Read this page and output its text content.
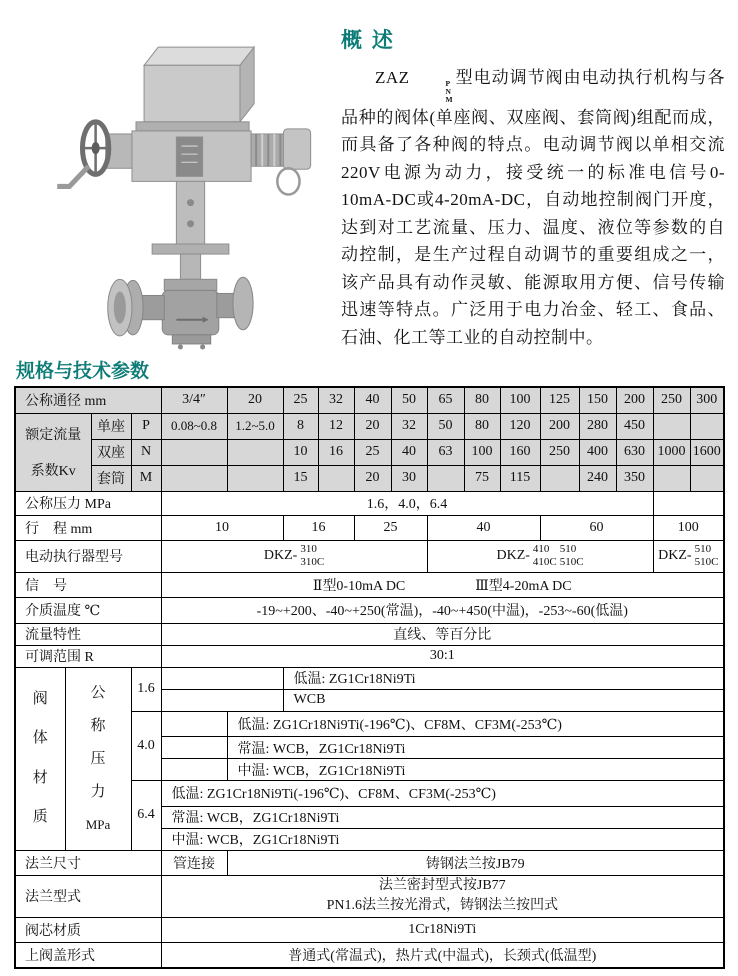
概 述

ZAZ	P
N
M
型电动调节阀由电动执行机构与各品种的阀体(单座阀、双座阀、套筒阀)组配而成，而具备了各种阀的特点。电动调节阀以单相交流220V电源为动力，接受统一的标准电信号0-10mA-DC或4-20mA-DC，自动地控制阀门开度，达到对工艺流量、压力、温度、液位等参数的自动控制，是生产过程自动调节的重要组成之一，该产品具有动作灵敏、能源取用方便、信号传输迅速等特点。广泛用于电力冶金、轻工、食品、石油、化工等工业的自动控制中。

规格与技术参数
公称通径 mm				3/4″	20	25	32	40	50	65	80	100	125	150	200	250	300

额定流量
系数Kv		单座	P	0.08~0.8	1.2~5.0	8	12	20	32	50	80	120	200	280	450		
		双座	N			10	16	25	40	63	100	160	250	400	630	1000	1600
		套筒	M			15		20	30		75	115		240	350		
公称压力 MPa				1.6，4.0，6.4													
行　程 mm				10		16		25		40			60			100	
电动执行器型号				DKZ- 310
310C						DKZ- 410
410C
510
510C						DKZ- 510
510C	

信　号				Ⅱ型0-10mA DC Ⅲ型4-20mA DC													

介质温度 ℃				-19~+200、-40~+250(常温)，-40~+450(中温)，-253~-60(低温)													
流量特性				直线、等百分比													
可调范围 R				30:1													

阀
体
材
质	公
称
压
力
MPa		1.6			低温: ZG1Cr18Ni9Ti											
						WCB											
			4.0		低温: ZG1Cr18Ni9Ti(-196℃)、CF8M、CF3M(-253℃)												
					常温: WCB，ZG1Cr18Ni9Ti												
					中温: WCB，ZG1Cr18Ni9Ti												
			6.4	低温: ZG1Cr18Ni9Ti(-196℃)、CF8M、CF3M(-253℃)													
				常温: WCB，ZG1Cr18Ni9Ti													
				中温: WCB，ZG1Cr18Ni9Ti													
法兰尺寸				管连接	铸钢法兰按JB79												
法兰型式				法兰密封型式按JB77
PN1.6法兰按光滑式，铸钢法兰按凹式													

阀芯材质				1Cr18Ni9Ti													
上阀盖形式				普通式(常温式)，热片式(中温式)，长颈式(低温型)													
